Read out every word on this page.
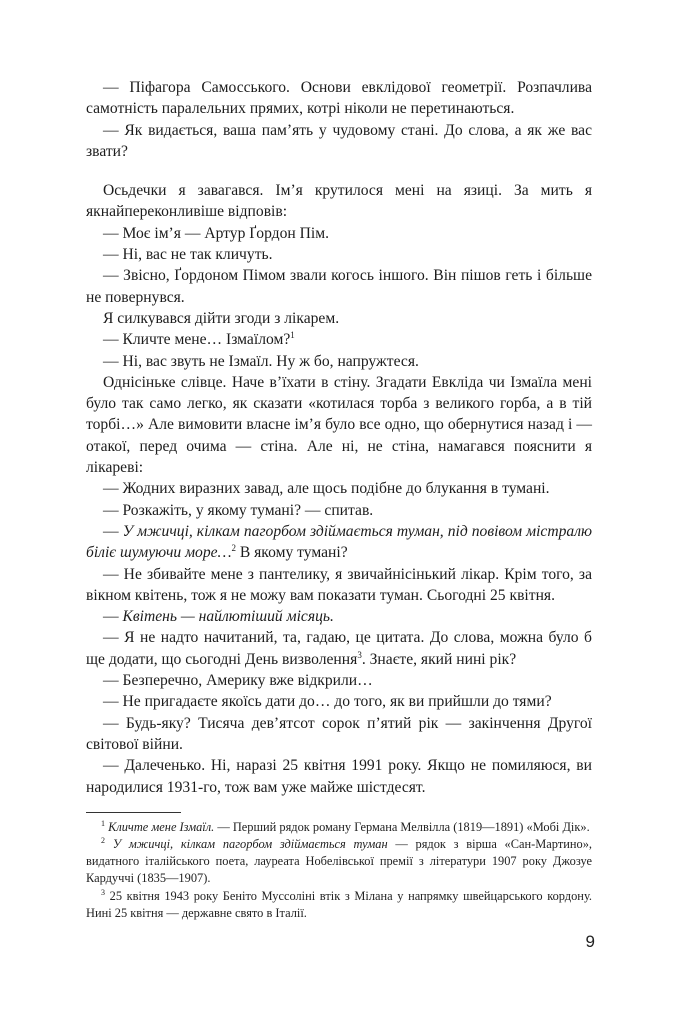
— Піфагора Самосського. Основи евклідової геометрії. Розпачлива самотність паралельних прямих, котрі ніколи не перетинаються.

— Як видається, ваша пам’ять у чудовому стані. До слова, а як же вас звати?

Осьдечки я завагався. Ім’я крутилося мені на язиці. За мить я якнайпереконливіше відповів:

— Моє ім’я — Артур Ґордон Пім.

— Ні, вас не так кличуть.

— Звісно, Ґордоном Пімом звали когось іншого. Він пішов геть і більше не повернувся.

Я силкувався дійти згоди з лікарем.

— Кличте мене… Ізмаїлом?$^1$

— Ні, вас звуть не Ізмаїл. Ну ж бо, напружтеся.

Однісіньке слівце. Наче в’їхати в стіну. Згадати Евкліда чи Ізмаїла мені було так само легко, як сказати «котилася торба з великого горба, а в тій торбі…» Але вимовити власне ім’я було все одно, що обернутися назад і — отакої, перед очима — стіна. Але ні, не стіна, намагався пояснити я лікареві:

— Жодних виразних завад, але щось подібне до блукання в тумані.

— Розкажіть, у якому тумані? — спитав.

— У мжичці, кілкам пагорбом здіймається туман, під повівом містралю біліє шумуючи море…$^2$ В якому тумані?

— Не збивайте мене з пантелику, я звичайнісінький лікар. Крім того, за вікном квітень, тож я не можу вам показати туман. Сьогодні 25 квітня.

— Квітень — найлютіший місяць.

— Я не надто начитаний, та, гадаю, це цитата. До слова, можна було б ще додати, що сьогодні День визволення$^3$. Знаєте, який нині рік?

— Безперечно, Америку вже відкрили…

— Не пригадаєте якоїсь дати до… до того, як ви прийшли до тями?

— Будь-яку? Тисяча дев’ятсот сорок п’ятий рік — закінчення Другої світової війни.

— Далеченько. Ні, наразі 25 квітня 1991 року. Якщо не помиляюся, ви народилися 1931-го, тож вам уже майже шістдесят.

$^1$ Кличте мене Ізмаїл. — Перший рядок роману Германа Мелвілла (1819—1891) «Мобі Дік».

$^2$ У мжичці, кілкам пагорбом здіймається туман — рядок з вірша «Сан-Мартино», видатного італійського поета, лауреата Нобелівської премії з літератури 1907 року Джозуе Кардуччі (1835—1907).

$^3$ 25 квітня 1943 року Беніто Муссоліні втік з Мілана у напрямку швейцарського кордону. Нині 25 квітня — державне свято в Італії.

9
